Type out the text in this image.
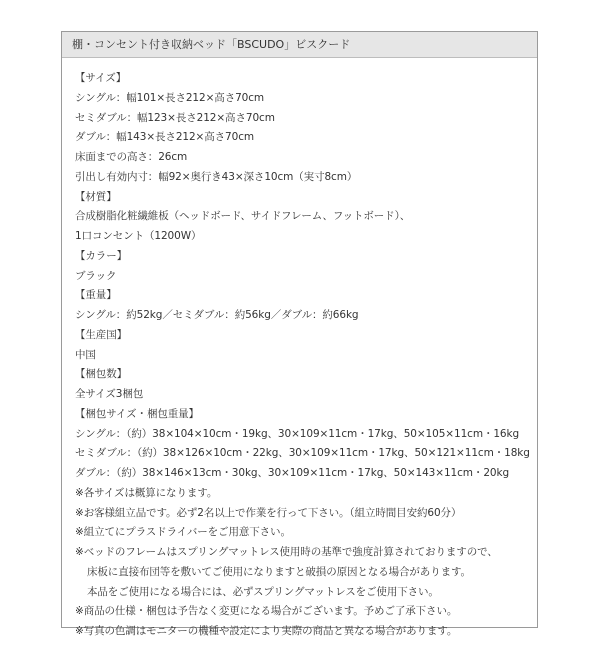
棚・コンセント付き収納ベッド「BSCUDO」ビスクード
【サイズ】
シングル：幅101×長さ212×高さ70cm
セミダブル：幅123×長さ212×高さ70cm
ダブル：幅143×長さ212×高さ70cm
床面までの高さ：26cm
引出し有効内寸：幅92×奥行き43×深さ10cm（実寸8cm）
【材質】
合成樹脂化粧繊維板（ヘッドボード、サイドフレーム、フットボード）、
1口コンセント（1200W）
【カラー】
ブラック
【重量】
シングル：約52kg／セミダブル：約56kg／ダブル：約66kg
【生産国】
中国
【梱包数】
全サイズ3梱包
【梱包サイズ・梱包重量】
シングル：（約）38×104×10cm・19kg、30×109×11cm・17kg、50×105×11cm・16kg
セミダブル：（約）38×126×10cm・22kg、30×109×11cm・17kg、50×121×11cm・18kg
ダブル：（約）38×146×13cm・30kg、30×109×11cm・17kg、50×143×11cm・20kg
※各サイズは概算になります。
※お客様組立品です。必ず2名以上で作業を行って下さい。（組立時間目安約60分）
※組立てにプラスドライバーをご用意下さい。
※ベッドのフレームはスプリングマットレス使用時の基準で強度計算されておりますので、
床板に直接布団等を敷いてご使用になりますと破損の原因となる場合があります。
本品をご使用になる場合には、必ずスプリングマットレスをご使用下さい。
※商品の仕様・梱包は予告なく変更になる場合がございます。予めご了承下さい。
※写真の色調はモニターの機種や設定により実際の商品と異なる場合があります。
